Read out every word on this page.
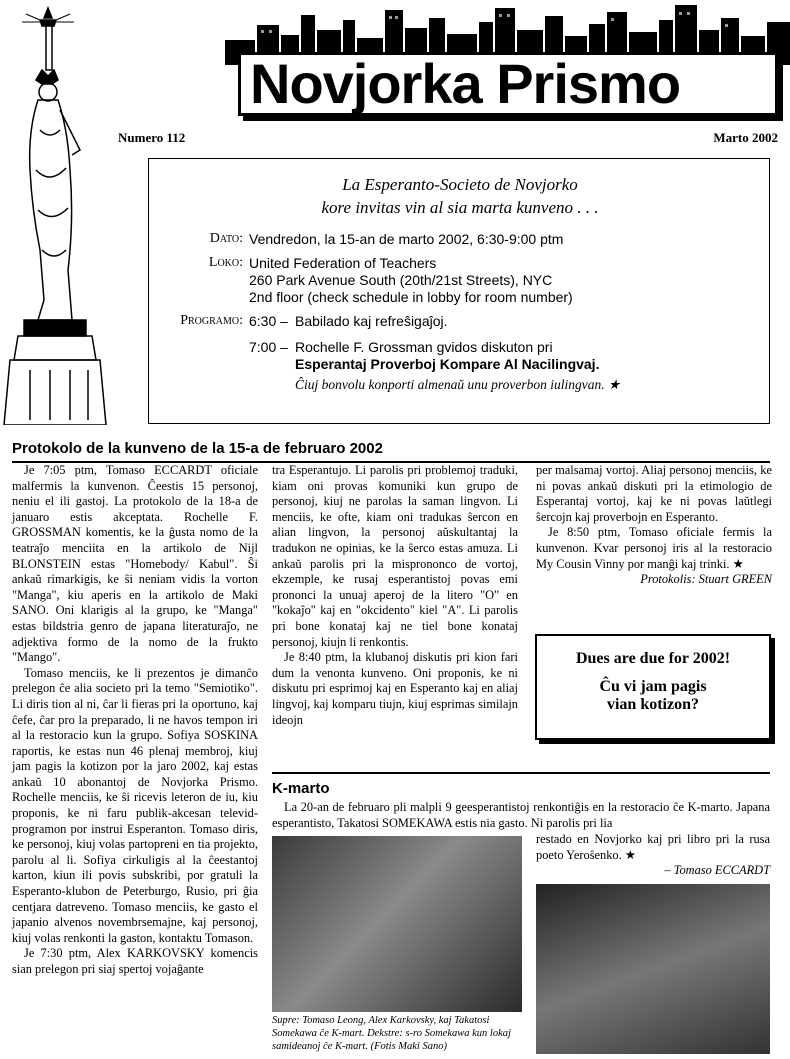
Novjorka Prismo
Numero 112	Marto 2002
La Esperanto-Societo de Novjorko
kore invitas vin al sia marta kunveno . . .
Dato: Vendredon, la 15-an de marto 2002, 6:30-9:00 ptm
Loko: United Federation of Teachers
260 Park Avenue South (20th/21st Streets), NYC
2nd floor (check schedule in lobby for room number)
Programo: 6:30 – Babilado kaj refreŝigaĵoj.
7:00 – Rochelle F. Grossman gvidos diskuton pri
Esperantaj Proverboj Kompare Al Nacilingvaj.
Ĉiuj bonvolu konporti almenaŭ unu proverbon iulingvan. ★
Protokolo de la kunveno de la 15-a de februaro 2002

Je 7:05 ptm, Tomaso ECCARDT oficiale malfermis la kunvenon. Ĉeestis 15 personoj, neniu el ili gastoj. La protokolo de la 18-a de januaro estis akceptata. Rochelle F. GROSSMAN komentis, ke la ĝusta nomo de la teatraĵo menciita en la artikolo de Nijl BLONSTEIN estas "Homebody/ Kabul". Ŝi ankaŭ rimarkigis, ke ŝi neniam vidis la vorton "Manga", kiu aperis en la artikolo de Maki SANO. Oni klarigis al la grupo, ke "Manga" estas bildstria genro de japana literaturaĵo, ne adjektiva formo de la nomo de la frukto "Mango".

Tomaso menciis, ke li prezentos je dimanĉo prelegon ĉe alia societo pri la temo "Semiotiko". Li diris tion al ni, ĉar li fieras pri la oportuno, kaj ĉefe, ĉar pro la preparado, li ne havos tempon iri al la restoracio kun la grupo. Sofiya SOSKINA raportis, ke estas nun 46 plenaj membroj, kiuj jam pagis la kotizon por la jaro 2002, kaj estas ankaŭ 10 abonantoj de Novjorka Prismo. Rochelle menciis, ke ŝi ricevis leteron de iu, kiu proponis, ke ni faru publik-akcesan televid-programon por instrui Esperanton. Tomaso diris, ke personoj, kiuj volas partopreni en tia projekto, parolu al li. Sofiya cirkuligis al la ĉeestantoj karton, kiun ili povis subskribi, por gratuli la Esperanto-klubon de Peterburgo, Rusio, pri ĝia centjara datreveno. Tomaso menciis, ke gasto el japanio alvenos novembrsemajne, kaj personoj, kiuj volas renkonti la gaston, kontaktu Tomason.

Je 7:30 ptm, Alex KARKOVSKY komencis sian prelegon pri siaj spertoj vojaĝante

tra Esperantujo. Li parolis pri problemoj traduki, kiam oni provas komuniki kun grupo de personoj, kiuj ne parolas la saman lingvon. Li menciis, ke ofte, kiam oni tradukas ŝercon en alian lingvon, la personoj aŭskultantaj la tradukon ne opinias, ke la ŝerco estas amuza. Li ankaŭ parolis pri la misprononco de vortoj, ekzemple, ke rusaj esperantistoj povas emi prononci la unuaj aperoj de la litero "O" en "kokaĵo" kaj en "okcidento" kiel "A". Li parolis pri bone konataj kaj ne tiel bone konataj personoj, kiujn li renkontis.

Je 8:40 ptm, la klubanoj diskutis pri kion fari dum la venonta kunveno. Oni proponis, ke ni diskutu pri esprimoj kaj en Esperanto kaj en aliaj lingvoj, kaj komparu tiujn, kiuj esprimas similajn ideojn

per malsamaj vortoj. Aliaj personoj menciis, ke ni povas ankaŭ diskuti pri la etimologio de Esperantaj vortoj, kaj ke ni povas laŭtlegi ŝercojn kaj proverbojn en Esperanto.

Je 8:50 ptm, Tomaso oficiale fermis la kunvenon. Kvar personoj iris al la restoracio My Cousin Vinny por manĝi kaj trinki. ★

Protokolis: Stuart GREEN

Dues are due for 2002!
Ĉu vi jam pagis
vian kotizon?
K-marto

La 20-an de februaro pli malpli 9 geesperantistoj renkontiĝis en la restoracio ĉe K-marto. Japana esperantisto, Takatosi SOMEKAWA estis nia gasto. Ni parolis pri lia

restado en Novjorko kaj pri libro pri la rusa poeto Yeroŝenko. ★

– Tomaso ECCARDT

Supre: Tomaso Leong, Alex Karkovsky, kaj Takatosi Somekawa ĉe K-mart. Dekstre: s-ro Somekawa kun lokaj samideanoj ĉe K-mart. (Fotis Maki Sano)
